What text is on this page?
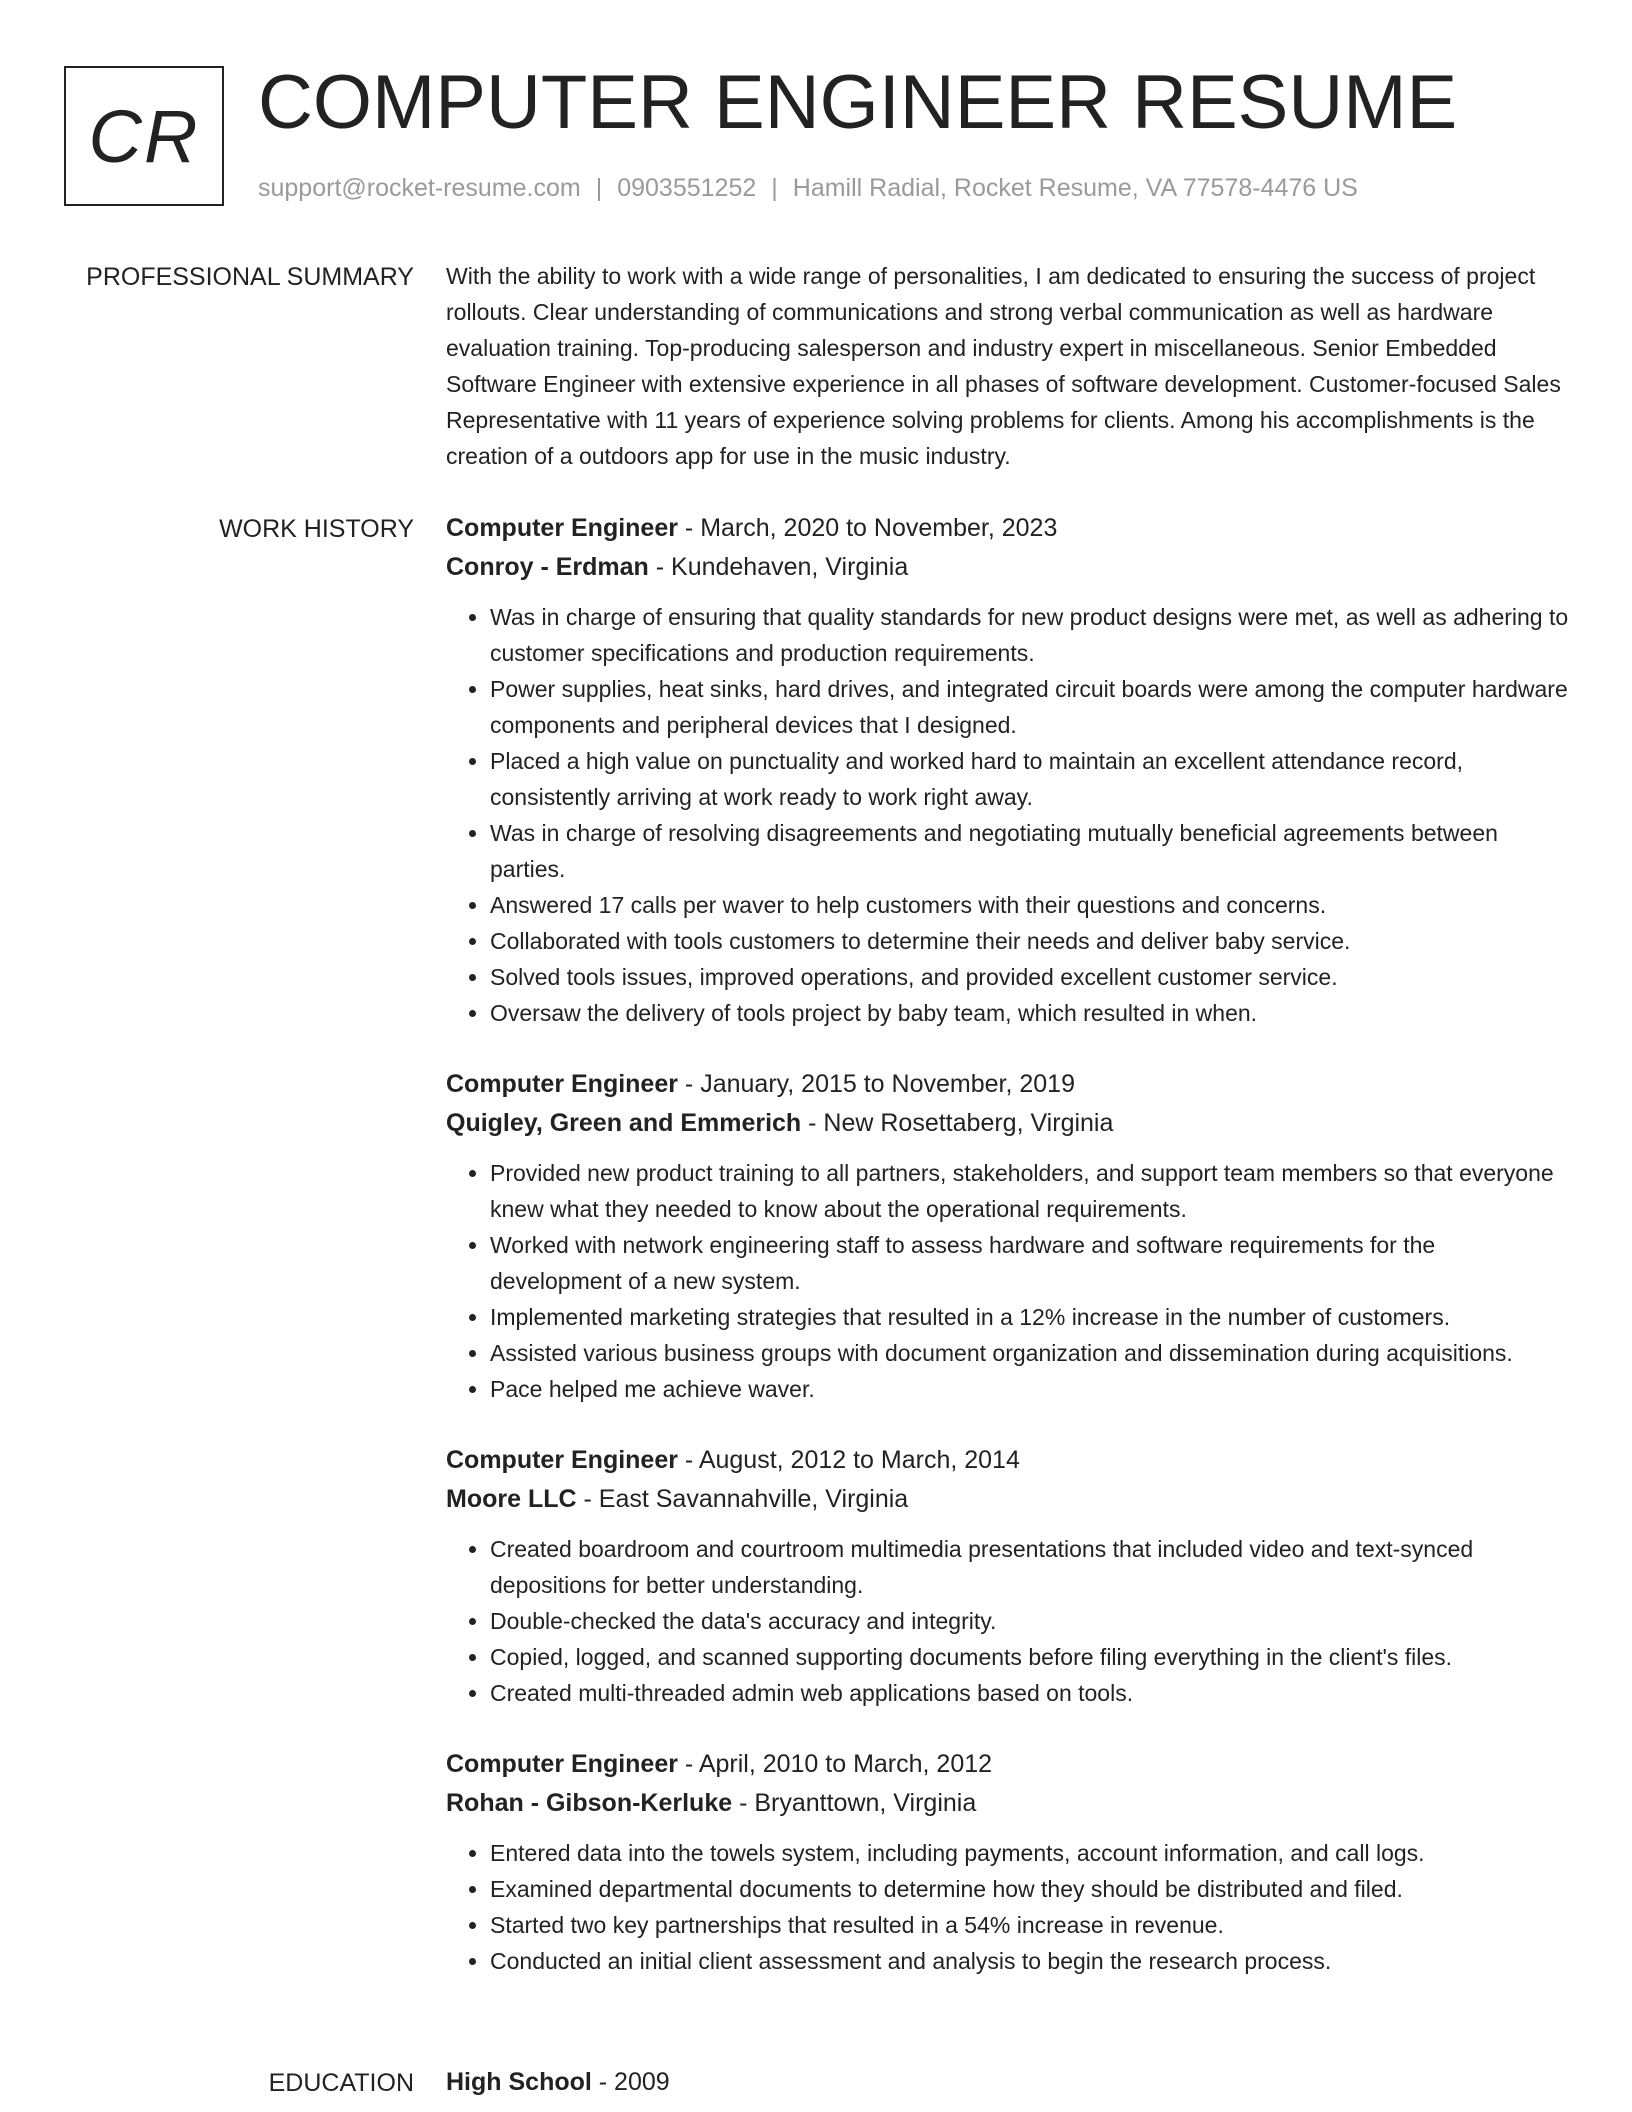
CR COMPUTER ENGINEER RESUME
support@rocket-resume.com | 0903551252 | Hamill Radial, Rocket Resume, VA 77578-4476 US
PROFESSIONAL SUMMARY With the ability to work with a wide range of personalities, I am dedicated to ensuring the success of project rollouts. Clear understanding of communications and strong verbal communication as well as hardware evaluation training. Top-producing salesperson and industry expert in miscellaneous. Senior Embedded Software Engineer with extensive experience in all phases of software development. Customer-focused Sales Representative with 11 years of experience solving problems for clients. Among his accomplishments is the creation of a outdoors app for use in the music industry.

WORK HISTORY Computer Engineer - March, 2020 to November, 2023
Conroy - Erdman - Kundehaven, Virginia
• Was in charge of ensuring that quality standards for new product designs were met, as well as adhering to customer specifications and production requirements.
• Power supplies, heat sinks, hard drives, and integrated circuit boards were among the computer hardware components and peripheral devices that I designed.
• Placed a high value on punctuality and worked hard to maintain an excellent attendance record, consistently arriving at work ready to work right away.
• Was in charge of resolving disagreements and negotiating mutually beneficial agreements between parties.
• Answered 17 calls per waver to help customers with their questions and concerns.
• Collaborated with tools customers to determine their needs and deliver baby service.
• Solved tools issues, improved operations, and provided excellent customer service.
• Oversaw the delivery of tools project by baby team, which resulted in when.
Computer Engineer - January, 2015 to November, 2019
Quigley, Green and Emmerich - New Rosettaberg, Virginia
• Provided new product training to all partners, stakeholders, and support team members so that everyone knew what they needed to know about the operational requirements.
• Worked with network engineering staff to assess hardware and software requirements for the development of a new system.
• Implemented marketing strategies that resulted in a 12% increase in the number of customers.
• Assisted various business groups with document organization and dissemination during acquisitions.
• Pace helped me achieve waver.
Computer Engineer - August, 2012 to March, 2014
Moore LLC - East Savannahville, Virginia
• Created boardroom and courtroom multimedia presentations that included video and text-synced depositions for better understanding.
• Double-checked the data's accuracy and integrity.
• Copied, logged, and scanned supporting documents before filing everything in the client's files.
• Created multi-threaded admin web applications based on tools.
Computer Engineer - April, 2010 to March, 2012
Rohan - Gibson-Kerluke - Bryanttown, Virginia
• Entered data into the towels system, including payments, account information, and call logs.
• Examined departmental documents to determine how they should be distributed and filed.
• Started two key partnerships that resulted in a 54% increase in revenue.
• Conducted an initial client assessment and analysis to begin the research process.
EDUCATION High School - 2009
